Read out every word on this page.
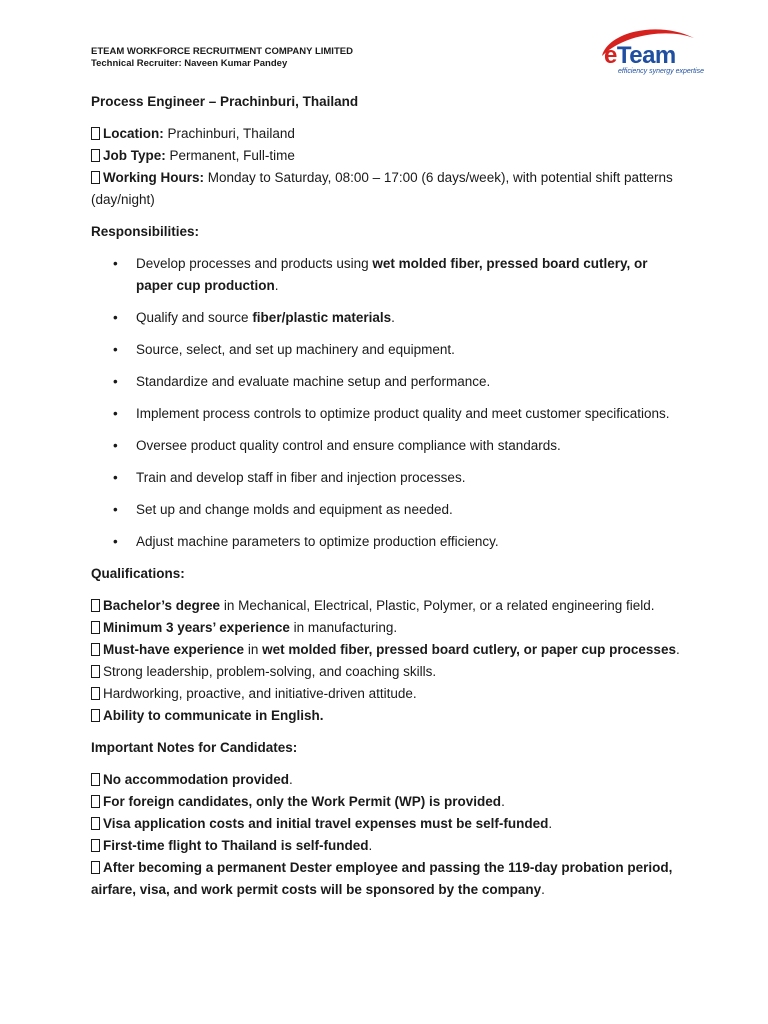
ETEAM WORKFORCE RECRUITMENT COMPANY LIMITED
Technical Recruiter: Naveen Kumar Pandey	eTeam
efficiency synergy expertise
Process Engineer – Prachinburi, Thailand
Location: Prachinburi, Thailand
Job Type: Permanent, Full-time
Working Hours: Monday to Saturday, 08:00 – 17:00 (6 days/week), with potential shift patterns (day/night)
Responsibilities:
• Develop processes and products using wet molded fiber, pressed board cutlery, or paper cup production.
• Qualify and source fiber/plastic materials.
• Source, select, and set up machinery and equipment.
• Standardize and evaluate machine setup and performance.
• Implement process controls to optimize product quality and meet customer specifications.
• Oversee product quality control and ensure compliance with standards.
• Train and develop staff in fiber and injection processes.
• Set up and change molds and equipment as needed.
• Adjust machine parameters to optimize production efficiency.
Qualifications:
Bachelor’s degree in Mechanical, Electrical, Plastic, Polymer, or a related engineering field.
Minimum 3 years’ experience in manufacturing.
Must-have experience in wet molded fiber, pressed board cutlery, or paper cup processes.
Strong leadership, problem-solving, and coaching skills.
Hardworking, proactive, and initiative-driven attitude.
Ability to communicate in English.
Important Notes for Candidates:
No accommodation provided.
For foreign candidates, only the Work Permit (WP) is provided.
Visa application costs and initial travel expenses must be self-funded.
First-time flight to Thailand is self-funded.
After becoming a permanent Dester employee and passing the 119-day probation period, airfare, visa, and work permit costs will be sponsored by the company.
